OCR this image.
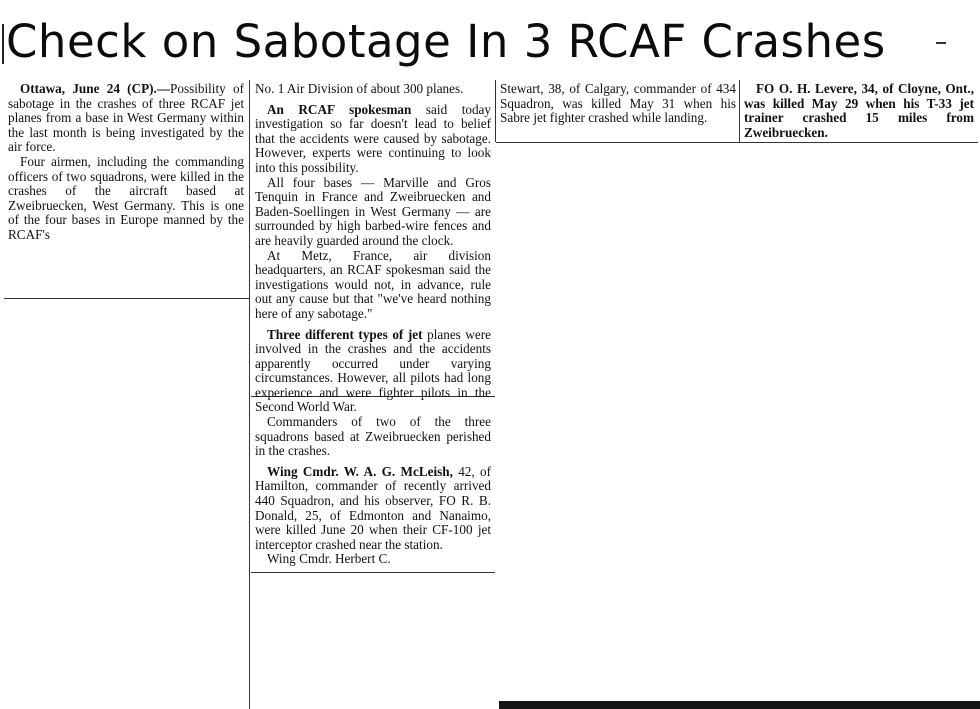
Check on Sabotage In 3 RCAF Crashes

Ottawa, June 24 (CP).—Possibility of sabotage in the crashes of three RCAF jet planes from a base in West Germany within the last month is being investigated by the air force.

Four airmen, including the commanding officers of two squadrons, were killed in the crashes of the aircraft based at Zweibruecken, West Germany. This is one of the four bases in Europe manned by the RCAF's

No. 1 Air Division of about 300 planes.

An RCAF spokesman said today investigation so far doesn't lead to belief that the accidents were caused by sabotage. However, experts were continuing to look into this possibility.

All four bases — Marville and Gros Tenquin in France and Zweibruecken and Baden-Soellingen in West Germany — are surrounded by high barbed-wire fences and are heavily guarded around the clock.

At Metz, France, air division headquarters, an RCAF spokesman said the investigations would not, in advance, rule out any cause but that "we've heard nothing here of any sabotage."

Three different types of jet planes were involved in the crashes and the accidents apparently occurred under varying circumstances. However, all pilots had long experience and were fighter pilots in the Second World War.

Commanders of two of the three squadrons based at Zweibruecken perished in the crashes.

Wing Cmdr. W. A. G. McLeish, 42, of Hamilton, commander of recently arrived 440 Squadron, and his observer, FO R. B. Donald, 25, of Edmonton and Nanaimo, were killed June 20 when their CF-100 jet interceptor crashed near the station.

Wing Cmdr. Herbert C.

Stewart, 38, of Calgary, commander of 434 Squadron, was killed May 31 when his Sabre jet fighter crashed while landing.

FO O. H. Levere, 34, of Cloyne, Ont., was killed May 29 when his T-33 jet trainer crashed 15 miles from Zweibruecken.
